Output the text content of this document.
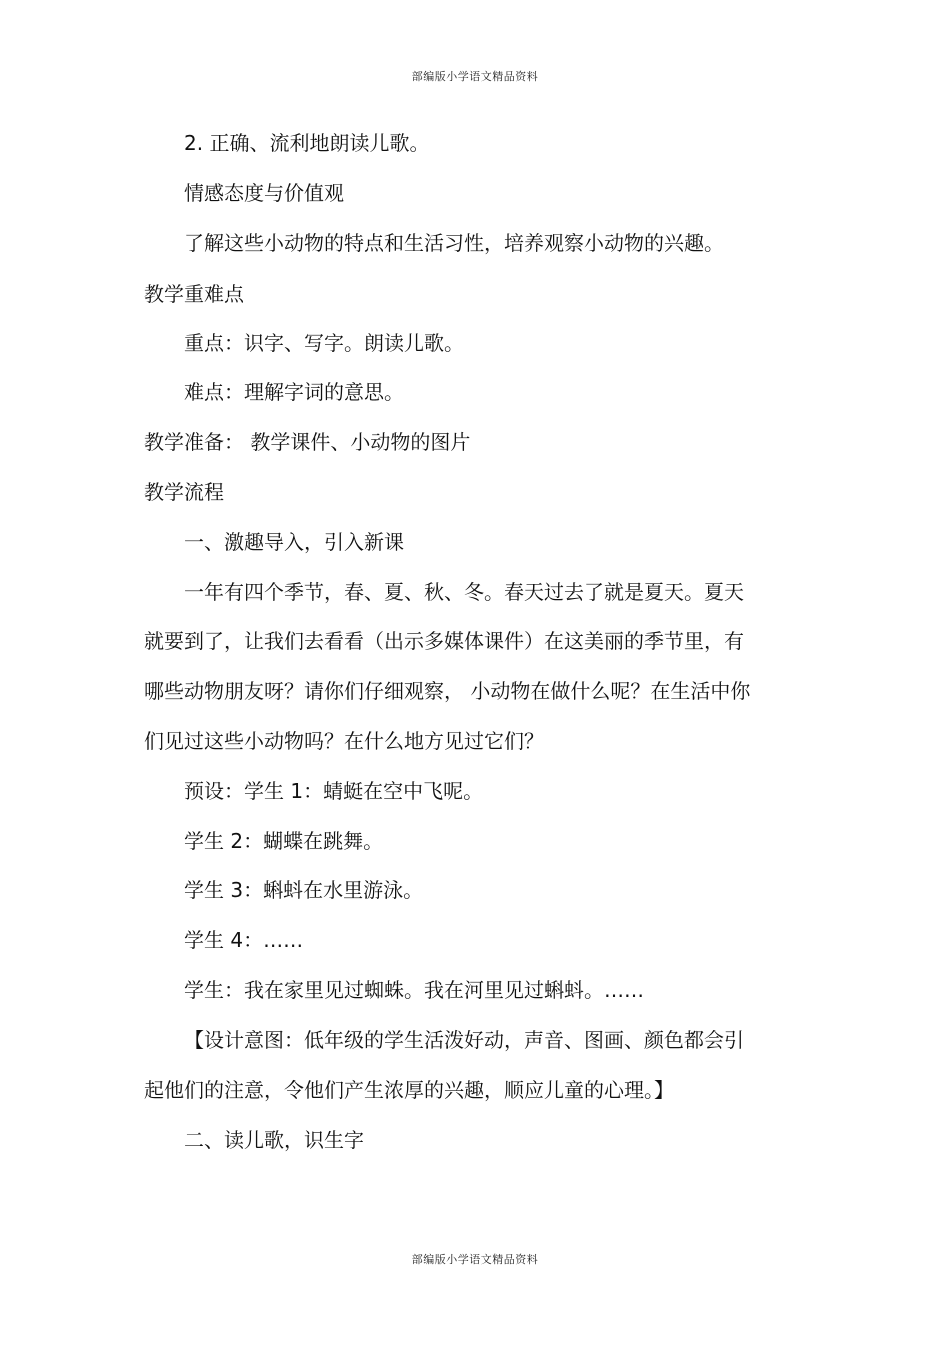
部编版小学语文精品资料
2. 正确、流利地朗读儿歌。
情感态度与价值观
了解这些小动物的特点和生活习性，培养观察小动物的兴趣。
教学重难点
重点：识字、写字。朗读儿歌。
难点：理解字词的意思。
教学准备： 教学课件、小动物的图片
教学流程
一、激趣导入，引入新课
一年有四个季节，春、夏、秋、冬。春天过去了就是夏天。夏天
就要到了，让我们去看看（出示多媒体课件）在这美丽的季节里，有
哪些动物朋友呀？请你们仔细观察， 小动物在做什么呢？在生活中你
们见过这些小动物吗？在什么地方见过它们？
预设：学生 1：蜻蜓在空中飞呢。
学生 2：蝴蝶在跳舞。
学生 3：蝌蚪在水里游泳。
学生 4：……
学生：我在家里见过蜘蛛。我在河里见过蝌蚪。……
【设计意图：低年级的学生活泼好动，声音、图画、颜色都会引
起他们的注意，令他们产生浓厚的兴趣，顺应儿童的心理。】
二、读儿歌，识生字
部编版小学语文精品资料
